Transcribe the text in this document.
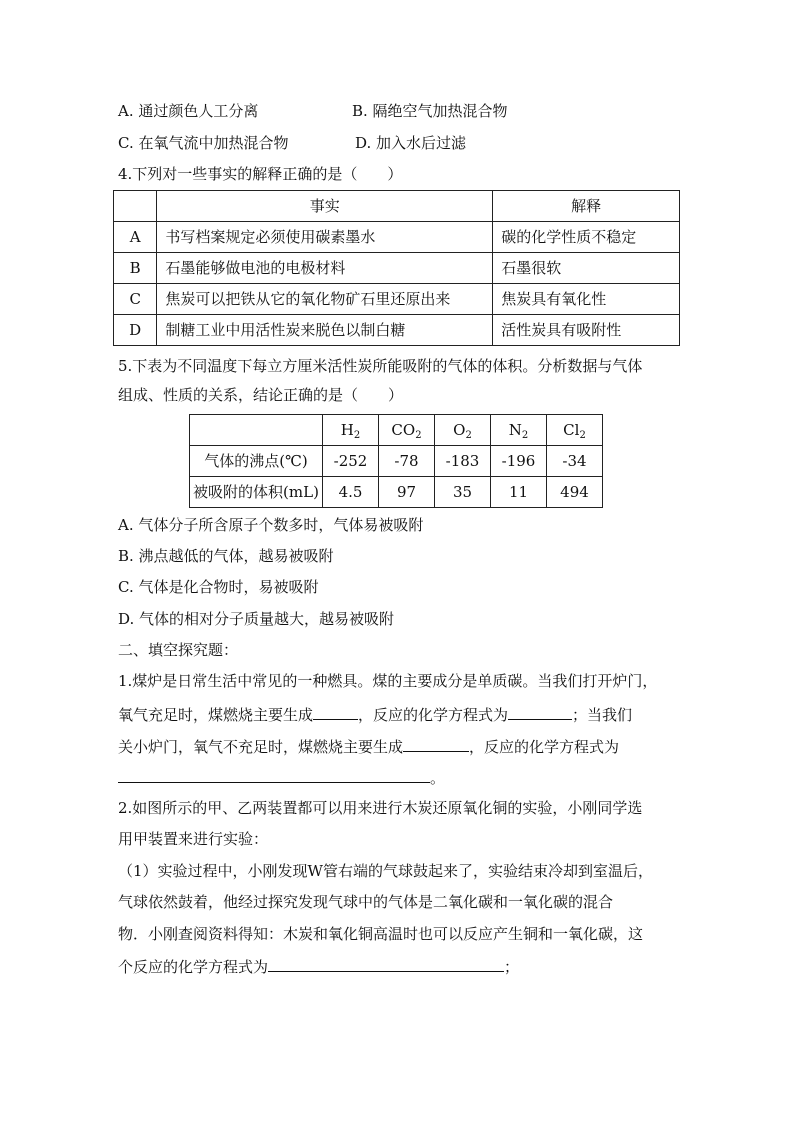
A. 通过颜色人工分离	B. 隔绝空气加热混合物
C. 在氧气流中加热混合物	D. 加入水后过滤
4.下列对一些事实的解释正确的是（　　）
	事实	解释
A	书写档案规定必须使用碳素墨水	碳的化学性质不稳定
B	石墨能够做电池的电极材料	石墨很软
C	焦炭可以把铁从它的氧化物矿石里还原出来	焦炭具有氧化性
D	制糖工业中用活性炭来脱色以制白糖	活性炭具有吸附性
5.下表为不同温度下每立方厘米活性炭所能吸附的气体的体积。分析数据与气体
组成、性质的关系，结论正确的是（　　）
	$H_2$	$CO_2$	$O_2$	$N_2$	$Cl_2$
气体的沸点(℃)	-252	-78	-183	-196	-34
被吸附的体积(mL)	4.5	97	35	11	494
A. 气体分子所含原子个数多时，气体易被吸附
B. 沸点越低的气体，越易被吸附
C. 气体是化合物时，易被吸附
D. 气体的相对分子质量越大，越易被吸附
二、填空探究题：
1.煤炉是日常生活中常见的一种燃具。煤的主要成分是单质碳。当我们打开炉门，
氧气充足时，煤燃烧主要生成	，反应的化学方程式为	；当我们
关小炉门，氧气不充足时，煤燃烧主要生成	，反应的化学方程式为
。
2.如图所示的甲、乙两装置都可以用来进行木炭还原氧化铜的实验，小刚同学选
用甲装置来进行实验：
（1）实验过程中，小刚发现W管右端的气球鼓起来了，实验结束冷却到室温后，
气球依然鼓着，他经过探究发现气球中的气体是二氧化碳和一氧化碳的混合
物．小刚查阅资料得知：木炭和氧化铜高温时也可以反应产生铜和一氧化碳，这
个反应的化学方程式为	；
